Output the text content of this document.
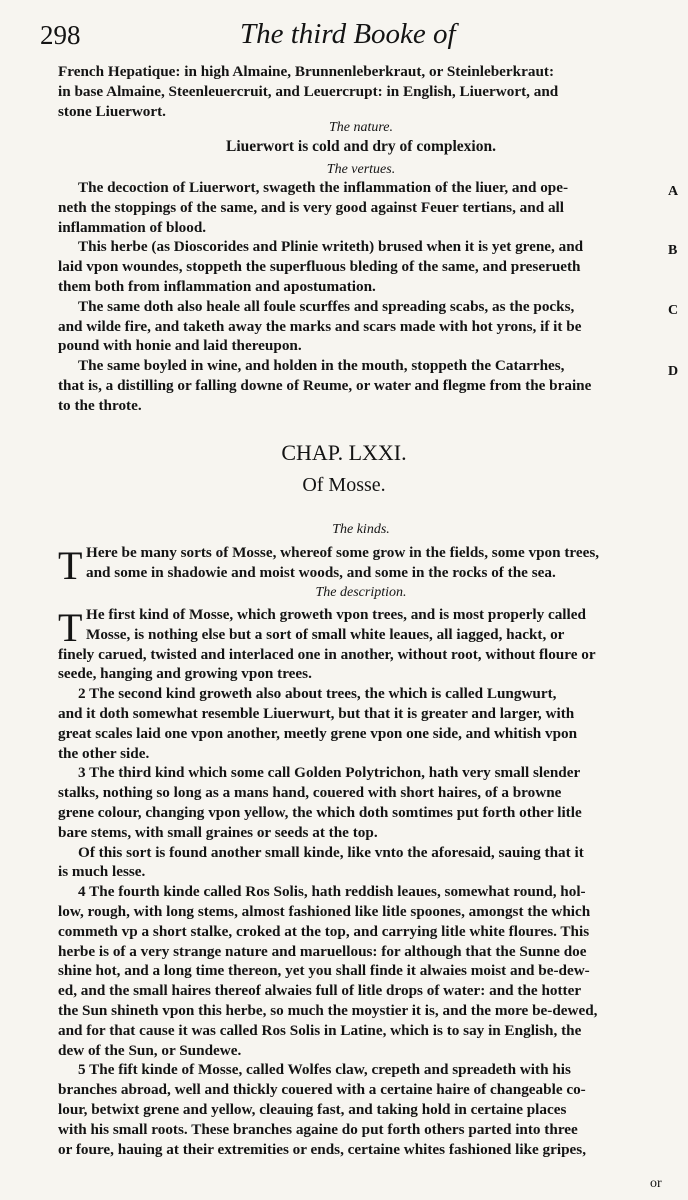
298	The third Booke of
French Hepatique: in high Almaine, Brunnenleberkraut, or Steinleberkraut:
in base Almaine, Steenleuercruit, and Leuercrupt: in English, Liuerwort, and
stone Liuerwort.
The nature.
Liuerwort is cold and dry of complexion.
The vertues.
The decoction of Liuerwort, swageth the inflammation of the liuer, and ope-
neth the stoppings of the same, and is very good against Feuer tertians, and all
inflammation of blood.
This herbe (as Dioscorides and Plinie writeth) brused when it is yet grene, and
laid vpon woundes, stoppeth the superfluous bleding of the same, and preserueth
them both from inflammation and apostumation.
The same doth also heale all foule scurffes and spreading scabs, as the pocks,
and wilde fire, and taketh away the marks and scars made with hot yrons, if it be
pound with honie and laid thereupon.
The same boyled in wine, and holden in the mouth, stoppeth the Catarrhes,
that is, a distilling or falling downe of Reume, or water and flegme from the braine
to the throte.
A
B
C
D
CHAP. LXXI.
Of Mosse.
The kinds.
T Here be many sorts of Mosse, whereof some grow in the fields, some vpon trees,
and some in shadowie and moist woods, and some in the rocks of the sea.
The description.
T He first kind of Mosse, which groweth vpon trees, and is most properly called
Mosse, is nothing else but a sort of small white leaues, all iagged, hackt, or
finely carued, twisted and interlaced one in another, without root, without floure or
seede, hanging and growing vpon trees.
2 The second kind groweth also about trees, the which is called Lungwurt,
and it doth somewhat resemble Liuerwurt, but that it is greater and larger, with
great scales laid one vpon another, meetly grene vpon one side, and whitish vpon
the other side.
3 The third kind which some call Golden Polytrichon, hath very small slender
stalks, nothing so long as a mans hand, couered with short haires, of a browne
grene colour, changing vpon yellow, the which doth somtimes put forth other litle
bare stems, with small graines or seeds at the top.
Of this sort is found another small kinde, like vnto the aforesaid, sauing that it
is much lesse.
4 The fourth kinde called Ros Solis, hath reddish leaues, somewhat round, hol-
low, rough, with long stems, almost fashioned like litle spoones, amongst the which
commeth vp a short stalke, croked at the top, and carrying litle white floures. This
herbe is of a very strange nature and maruellous: for although that the Sunne doe
shine hot, and a long time thereon, yet you shall finde it alwaies moist and be-dew-
ed, and the small haires thereof alwaies full of litle drops of water: and the hotter
the Sun shineth vpon this herbe, so much the moystier it is, and the more be-dewed,
and for that cause it was called Ros Solis in Latine, which is to say in English, the
dew of the Sun, or Sundewe.
5 The fift kinde of Mosse, called Wolfes claw, crepeth and spreadeth with his
branches abroad, well and thickly couered with a certaine haire of changeable co-
lour, betwixt grene and yellow, cleauing fast, and taking hold in certaine places
with his small roots. These branches againe do put forth others parted into three
or foure, hauing at their extremities or ends, certaine whites fashioned like gripes,
or
